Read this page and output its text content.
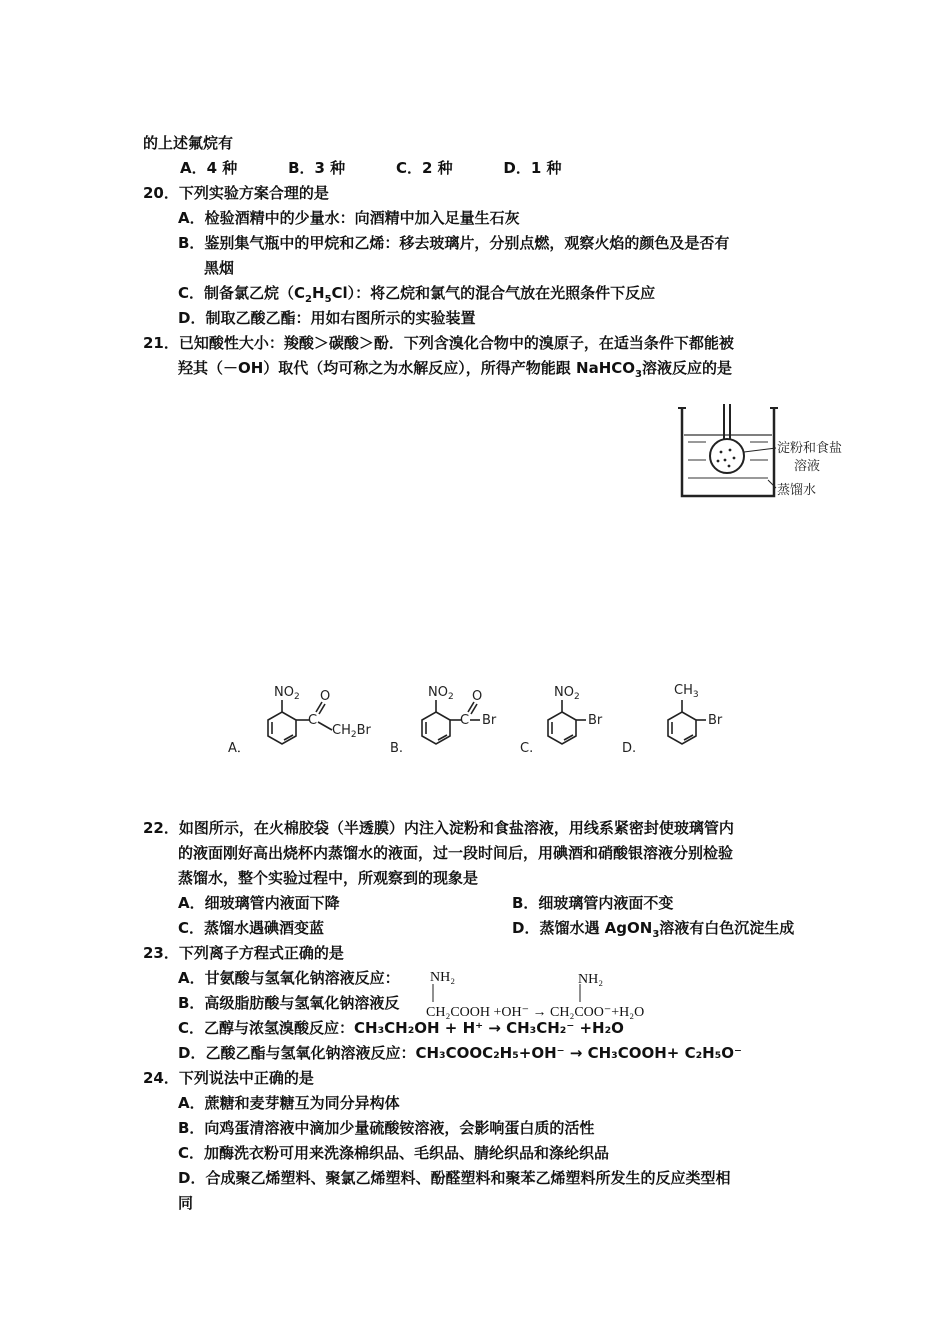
的上述氟烷有
A．4 种	B．3 种	C．2 种	D．1 种
20．下列实验方案合理的是
A．检验酒精中的少量水：向酒精中加入足量生石灰
B．鉴别集气瓶中的甲烷和乙烯：移去玻璃片，分别点燃，观察火焰的颜色及是否有
黑烟
C．制备氯乙烷$(C_2H_5Cl)$：将乙烷和氯气的混合气放在光照条件下反应
D．制取乙酸乙酯：用如右图所示的实验装置
21．已知酸性大小：羧酸＞碳酸＞酚．下列含溴化合物中的溴原子，在适当条件下都能被
羟其（－OH）取代（均可称之为水解反应），所得产物能跟 NaHCO$_3$溶液反应的是
淀粉和食盐
溶液
蒸馏水
A．
$NO_2$
C
O
$CH_2Br$
B.
$NO_2$
C
O
Br
C.
$NO_2$
Br
D.
$CH_3$
Br
22．如图所示，在火棉胶袋（半透膜）内注入淀粉和食盐溶液，用线系紧密封使玻璃管内
的液面刚好高出烧杯内蒸馏水的液面，过一段时间后，用碘酒和硝酸银溶液分别检验
蒸馏水，整个实验过程中，所观察到的现象是
A．细玻璃管内液面下降	B．细玻璃管内液面不变
C．蒸馏水遇碘酒变蓝	D．蒸馏水遇 AgON$_3$溶液有白色沉淀生成
23．下列离子方程式正确的是
A．甘氨酸与氢氧化钠溶液反应： NH₂	NH₂
B．高级脂肪酸与氢氧化钠溶液反
CH₂COOH +OH⁻ → CH₂COO⁻+H₂O
C．乙醇与浓氢溴酸反应：CH₃CH₂OH + H⁺ → CH₃CH₂⁻ +H₂O
D．乙酸乙酯与氢氧化钠溶液反应：CH₃COOC₂H₅+OH⁻ → CH₃COOH+ C₂H₅O⁻
24．下列说法中正确的是
A．蔗糖和麦芽糖互为同分异构体
B．向鸡蛋清溶液中滴加少量硫酸铵溶液，会影响蛋白质的活性
C．加酶洗衣粉可用来洗涤棉织品、毛织品、腈纶织品和涤纶织品
D．合成聚乙烯塑料、聚氯乙烯塑料、酚醛塑料和聚苯乙烯塑料所发生的反应类型相
同
